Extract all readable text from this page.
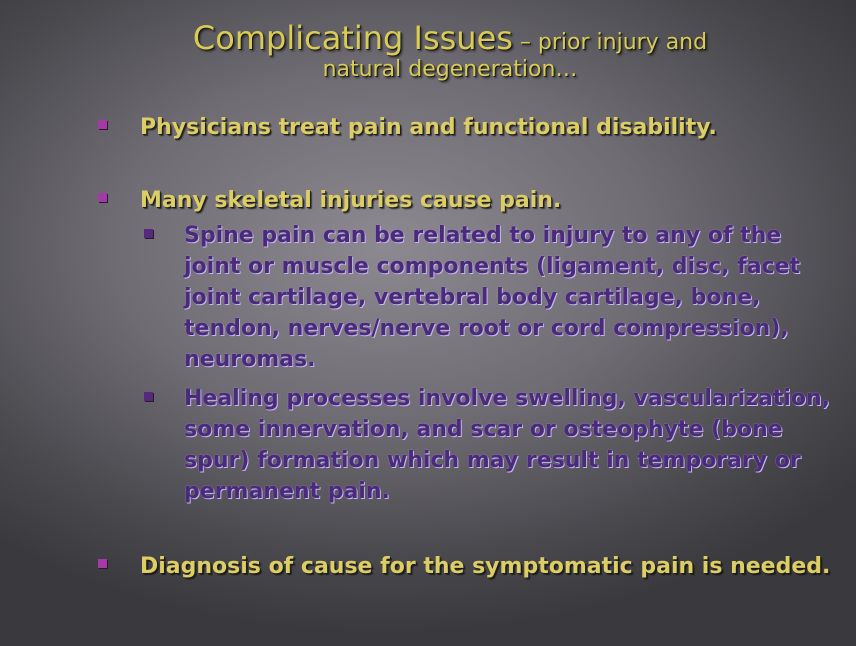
Complicating Issues – prior injury and
natural degeneration…
Physicians treat pain and functional disability.
Many skeletal injuries cause pain.
Spine pain can be related to injury to any of the joint or muscle components (ligament, disc, facet joint cartilage, vertebral body cartilage, bone, tendon, nerves/nerve root or cord compression), neuromas.
Healing processes involve swelling, vascularization, some innervation, and scar or osteophyte (bone spur) formation which may result in temporary or permanent pain.
Diagnosis of cause for the symptomatic pain is needed.
